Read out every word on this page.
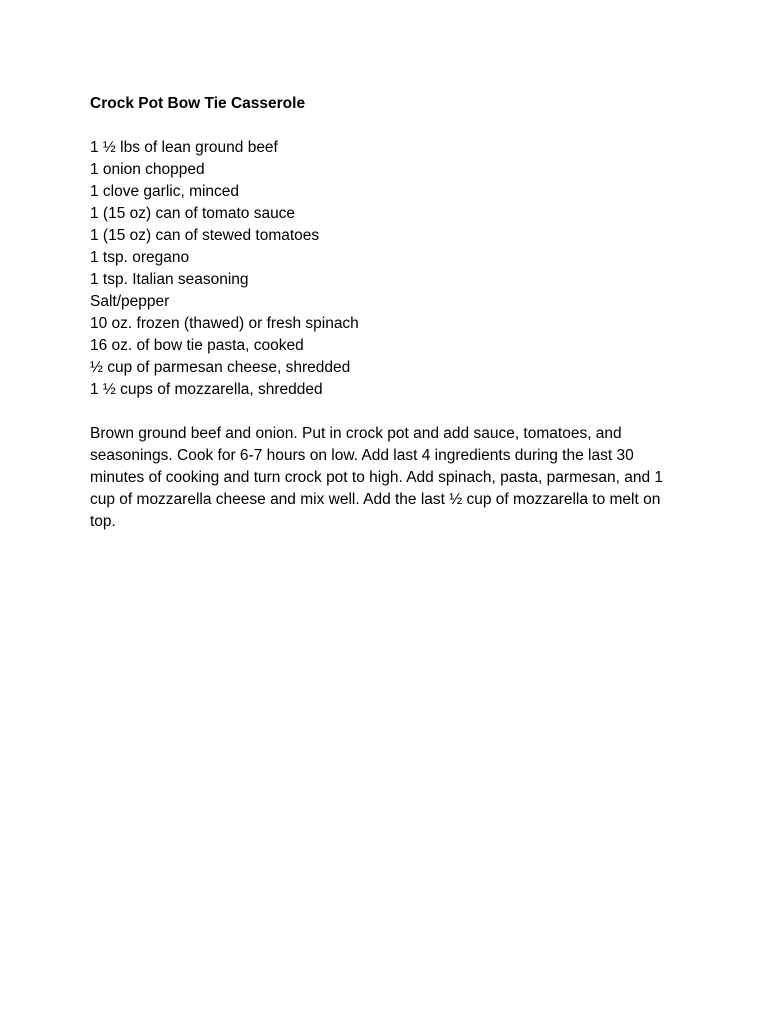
Crock Pot Bow Tie Casserole
1 ½ lbs of lean ground beef
1 onion chopped
1 clove garlic, minced
1 (15 oz) can of tomato sauce
1 (15 oz) can of stewed tomatoes
1 tsp. oregano
1 tsp. Italian seasoning
Salt/pepper
10 oz. frozen (thawed) or fresh spinach
16 oz. of bow tie pasta, cooked
½ cup of parmesan cheese, shredded
1 ½ cups of mozzarella, shredded

Brown ground beef and onion. Put in crock pot and add sauce, tomatoes, and seasonings. Cook for 6-7 hours on low. Add last 4 ingredients during the last 30 minutes of cooking and turn crock pot to high. Add spinach, pasta, parmesan, and 1 cup of mozzarella cheese and mix well. Add the last ½ cup of mozzarella to melt on top.
